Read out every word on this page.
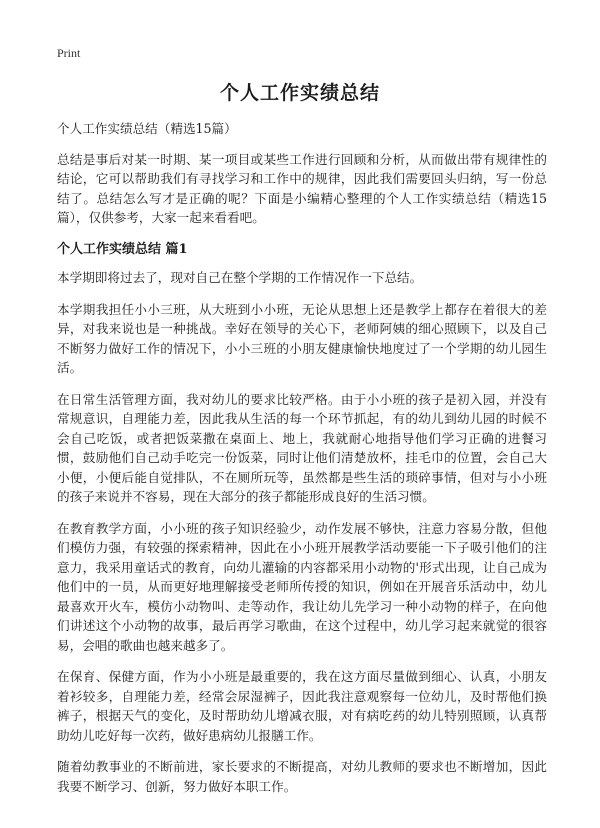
Print
个人工作实绩总结

个人工作实绩总结（精选15篇）

总结是事后对某一时期、某一项目或某些工作进行回顾和分析，从而做出带有规律性的结论，它可以帮助我们有寻找学习和工作中的规律，因此我们需要回头归纳，写一份总结了。总结怎么写才是正确的呢？下面是小编精心整理的个人工作实绩总结（精选15篇），仅供参考，大家一起来看看吧。

个人工作实绩总结 篇1

本学期即将过去了，现对自己在整个学期的工作情况作一下总结。

本学期我担任小小三班，从大班到小小班，无论从思想上还是教学上都存在着很大的差异，对我来说也是一种挑战。幸好在领导的关心下，老师阿姨的细心照顾下，以及自己不断努力做好工作的情况下，小小三班的小朋友健康愉快地度过了一个学期的幼儿园生活。

在日常生活管理方面，我对幼儿的要求比较严格。由于小小班的孩子是初入园，并没有常规意识，自理能力差，因此我从生活的每一个环节抓起，有的幼儿到幼儿园的时候不会自己吃饭，或者把饭菜撒在桌面上、地上，我就耐心地指导他们学习正确的进餐习惯，鼓励他们自己动手吃完一份饭菜，同时让他们清楚放杯，挂毛巾的位置，会自己大小便，小便后能自觉排队，不在厕所玩等，虽然都是些生活的琐碎事情，但对与小小班的孩子来说并不容易，现在大部分的孩子都能形成良好的生活习惯。

在教育教学方面，小小班的孩子知识经验少，动作发展不够快，注意力容易分散，但他们模仿力强，有较强的探索精神，因此在小小班开展教学活动要能一下子吸引他们的注意力，我采用童话式的教育，向幼儿灌输的内容都采用小动物的'形式出现，让自己成为他们中的一员，从而更好地理解接受老师所传授的知识，例如在开展音乐活动中，幼儿最喜欢开火车，模仿小动物叫、走等动作，我让幼儿先学习一种小动物的样子，在向他们讲述这个小动物的故事，最后再学习歌曲，在这个过程中，幼儿学习起来就觉的很容易，会唱的歌曲也越来越多了。

在保育、保健方面，作为小小班是最重要的，我在这方面尽量做到细心、认真，小朋友着衫较多，自理能力差，经常会尿湿裤子，因此我注意观察每一位幼儿，及时帮他们换裤子，根据天气的变化，及时帮助幼儿增减衣服，对有病吃药的幼儿特别照顾，认真帮助幼儿吃好每一次药，做好患病幼儿报膳工作。

随着幼教事业的不断前进，家长要求的不断提高，对幼儿教师的要求也不断增加，因此我要不断学习、创新，努力做好本职工作。
